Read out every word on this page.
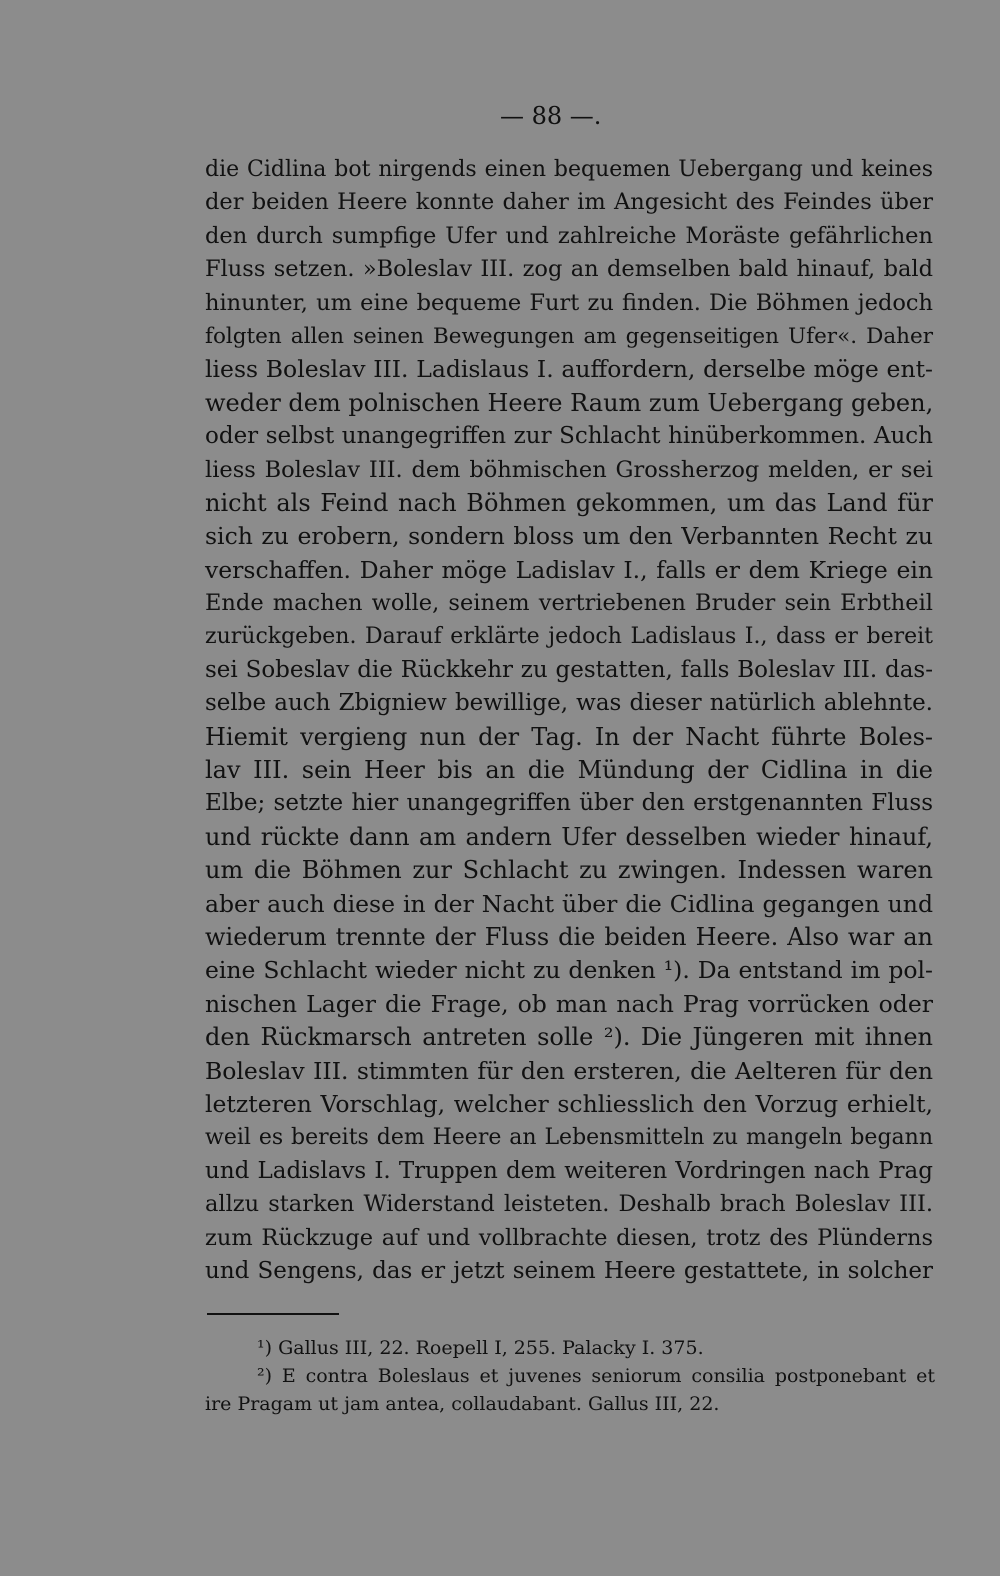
— 88 —.
die Cidlina bot nirgends einen bequemen Uebergang und keines
der beiden Heere konnte daher im Angesicht des Feindes über
den durch sumpfige Ufer und zahlreiche Moräste gefährlichen
Fluss setzen. »Boleslav III. zog an demselben bald hinauf, bald
hinunter, um eine bequeme Furt zu finden. Die Böhmen jedoch
folgten allen seinen Bewegungen am gegenseitigen Ufer«. Daher
liess Boleslav III. Ladislaus I. auffordern, derselbe möge ent-
weder dem polnischen Heere Raum zum Uebergang geben,
oder selbst unangegriffen zur Schlacht hinüberkommen. Auch
liess Boleslav III. dem böhmischen Grossherzog melden, er sei
nicht als Feind nach Böhmen gekommen, um das Land für
sich zu erobern, sondern bloss um den Verbannten Recht zu
verschaffen. Daher möge Ladislav I., falls er dem Kriege ein
Ende machen wolle, seinem vertriebenen Bruder sein Erbtheil
zurückgeben. Darauf erklärte jedoch Ladislaus I., dass er bereit
sei Sobeslav die Rückkehr zu gestatten, falls Boleslav III. das-
selbe auch Zbigniew bewillige, was dieser natürlich ablehnte.
Hiemit vergieng nun der Tag. In der Nacht führte Boles-
lav III. sein Heer bis an die Mündung der Cidlina in die
Elbe; setzte hier unangegriffen über den erstgenannten Fluss
und rückte dann am andern Ufer desselben wieder hinauf,
um die Böhmen zur Schlacht zu zwingen. Indessen waren
aber auch diese in der Nacht über die Cidlina gegangen und
wiederum trennte der Fluss die beiden Heere. Also war an
eine Schlacht wieder nicht zu denken ¹). Da entstand im pol-
nischen Lager die Frage, ob man nach Prag vorrücken oder
den Rückmarsch antreten solle ²). Die Jüngeren mit ihnen
Boleslav III. stimmten für den ersteren, die Aelteren für den
letzteren Vorschlag, welcher schliesslich den Vorzug erhielt,
weil es bereits dem Heere an Lebensmitteln zu mangeln begann
und Ladislavs I. Truppen dem weiteren Vordringen nach Prag
allzu starken Widerstand leisteten. Deshalb brach Boleslav III.
zum Rückzuge auf und vollbrachte diesen, trotz des Plünderns
und Sengens, das er jetzt seinem Heere gestattete, in solcher
¹) Gallus III, 22. Roepell I, 255. Palacky I. 375.
²) E contra Boleslaus et juvenes seniorum consilia postponebant et
ire Pragam ut jam antea, collaudabant. Gallus III, 22.
